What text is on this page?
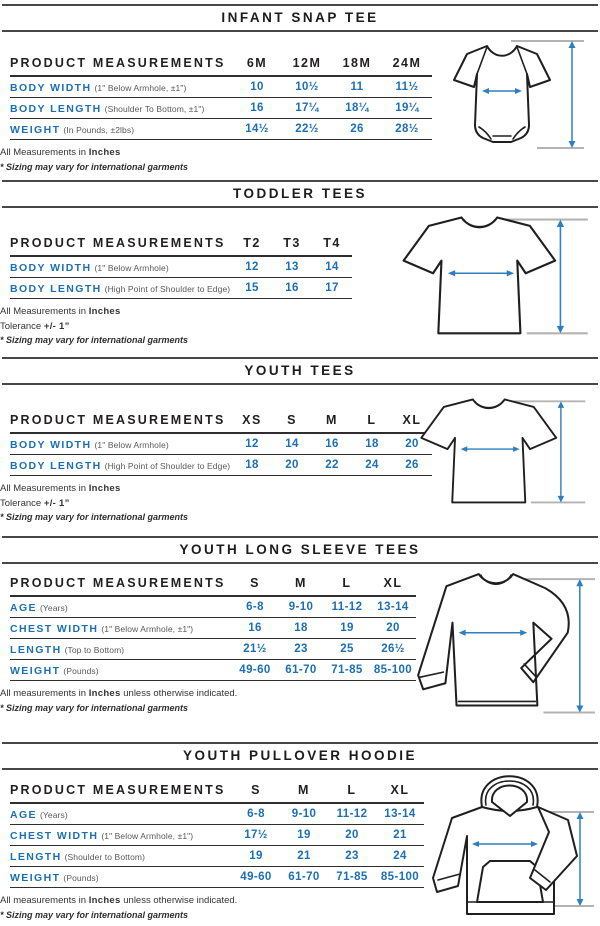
INFANT SNAP TEE
PRODUCT MEASUREMENTS	6M	12M	18M	24M
BODY WIDTH (1" Below Armhole, ±1")	10	10½	11	11½
BODY LENGTH (Shoulder To Bottom, ±1")	16	17¼	18¼	19¼
WEIGHT (In Pounds, ±2lbs)	14½	22½	26	28½
All Measurements in Inches
* Sizing may vary for international garments
TODDLER TEES
PRODUCT MEASUREMENTS	T2	T3	T4
BODY WIDTH (1" Below Armhole)	12	13	14
BODY LENGTH (High Point of Shoulder to Edge)	15	16	17
All Measurements in Inches
Tolerance +/- 1”
* Sizing may vary for international garments
YOUTH TEES
PRODUCT MEASUREMENTS	XS	S	M	L	XL
BODY WIDTH (1" Below Armhole)	12	14	16	18	20
BODY LENGTH (High Point of Shoulder to Edge)	18	20	22	24	26
All Measurements in Inches
Tolerance +/- 1”
* Sizing may vary for international garments
YOUTH LONG SLEEVE TEES
PRODUCT MEASUREMENTS	S	M	L	XL
AGE (Years)	6-8	9-10	11-12	13-14
CHEST WIDTH (1" Below Armhole, ±1")	16	18	19	20
LENGTH (Top to Bottom)	21½	23	25	26½
WEIGHT (Pounds)	49-60	61-70	71-85	85-100
All measurements in Inches unless otherwise indicated.
* Sizing may vary for international garments
YOUTH PULLOVER HOODIE
PRODUCT MEASUREMENTS	S	M	L	XL
AGE (Years)	6-8	9-10	11-12	13-14
CHEST WIDTH (1" Below Armhole, ±1")	17½	19	20	21
LENGTH (Shoulder to Bottom)	19	21	23	24
WEIGHT (Pounds)	49-60	61-70	71-85	85-100
All measurements in Inches unless otherwise indicated.
* Sizing may vary for international garments
